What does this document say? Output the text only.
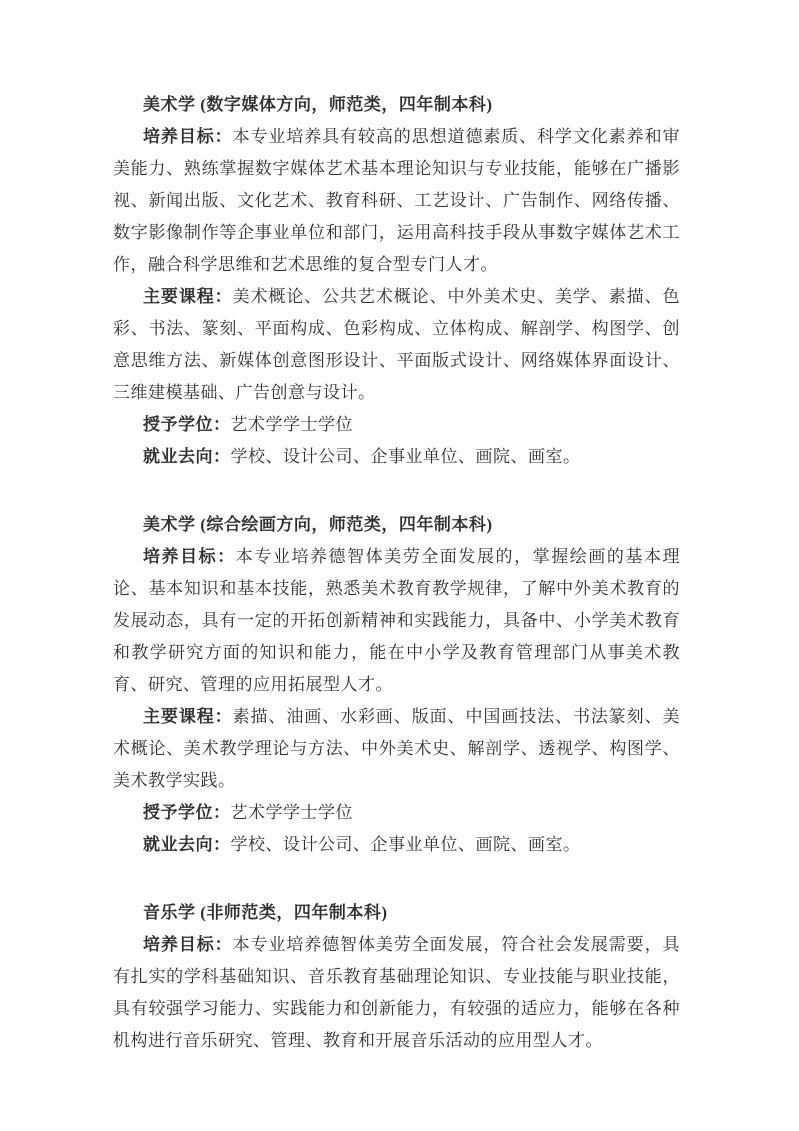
美术学 (数字媒体方向，师范类，四年制本科)

培养目标：本专业培养具有较高的思想道德素质、科学文化素养和审美能力、熟练掌握数字媒体艺术基本理论知识与专业技能，能够在广播影视、新闻出版、文化艺术、教育科研、工艺设计、广告制作、网络传播、数字影像制作等企事业单位和部门，运用高科技手段从事数字媒体艺术工作，融合科学思维和艺术思维的复合型专门人才。

主要课程：美术概论、公共艺术概论、中外美术史、美学、素描、色彩、书法、篆刻、平面构成、色彩构成、立体构成、解剖学、构图学、创意思维方法、新媒体创意图形设计、平面版式设计、网络媒体界面设计、三维建模基础、广告创意与设计。

授予学位：艺术学学士学位

就业去向：学校、设计公司、企事业单位、画院、画室。

美术学 (综合绘画方向，师范类，四年制本科)

培养目标：本专业培养德智体美劳全面发展的，掌握绘画的基本理论、基本知识和基本技能，熟悉美术教育教学规律，了解中外美术教育的发展动态，具有一定的开拓创新精神和实践能力，具备中、小学美术教育和教学研究方面的知识和能力，能在中小学及教育管理部门从事美术教育、研究、管理的应用拓展型人才。

主要课程：素描、油画、水彩画、版面、中国画技法、书法篆刻、美术概论、美术教学理论与方法、中外美术史、解剖学、透视学、构图学、美术教学实践。

授予学位：艺术学学士学位

就业去向：学校、设计公司、企事业单位、画院、画室。

音乐学 (非师范类，四年制本科)

培养目标：本专业培养德智体美劳全面发展，符合社会发展需要，具有扎实的学科基础知识、音乐教育基础理论知识、专业技能与职业技能，具有较强学习能力、实践能力和创新能力，有较强的适应力，能够在各种机构进行音乐研究、管理、教育和开展音乐活动的应用型人才。
